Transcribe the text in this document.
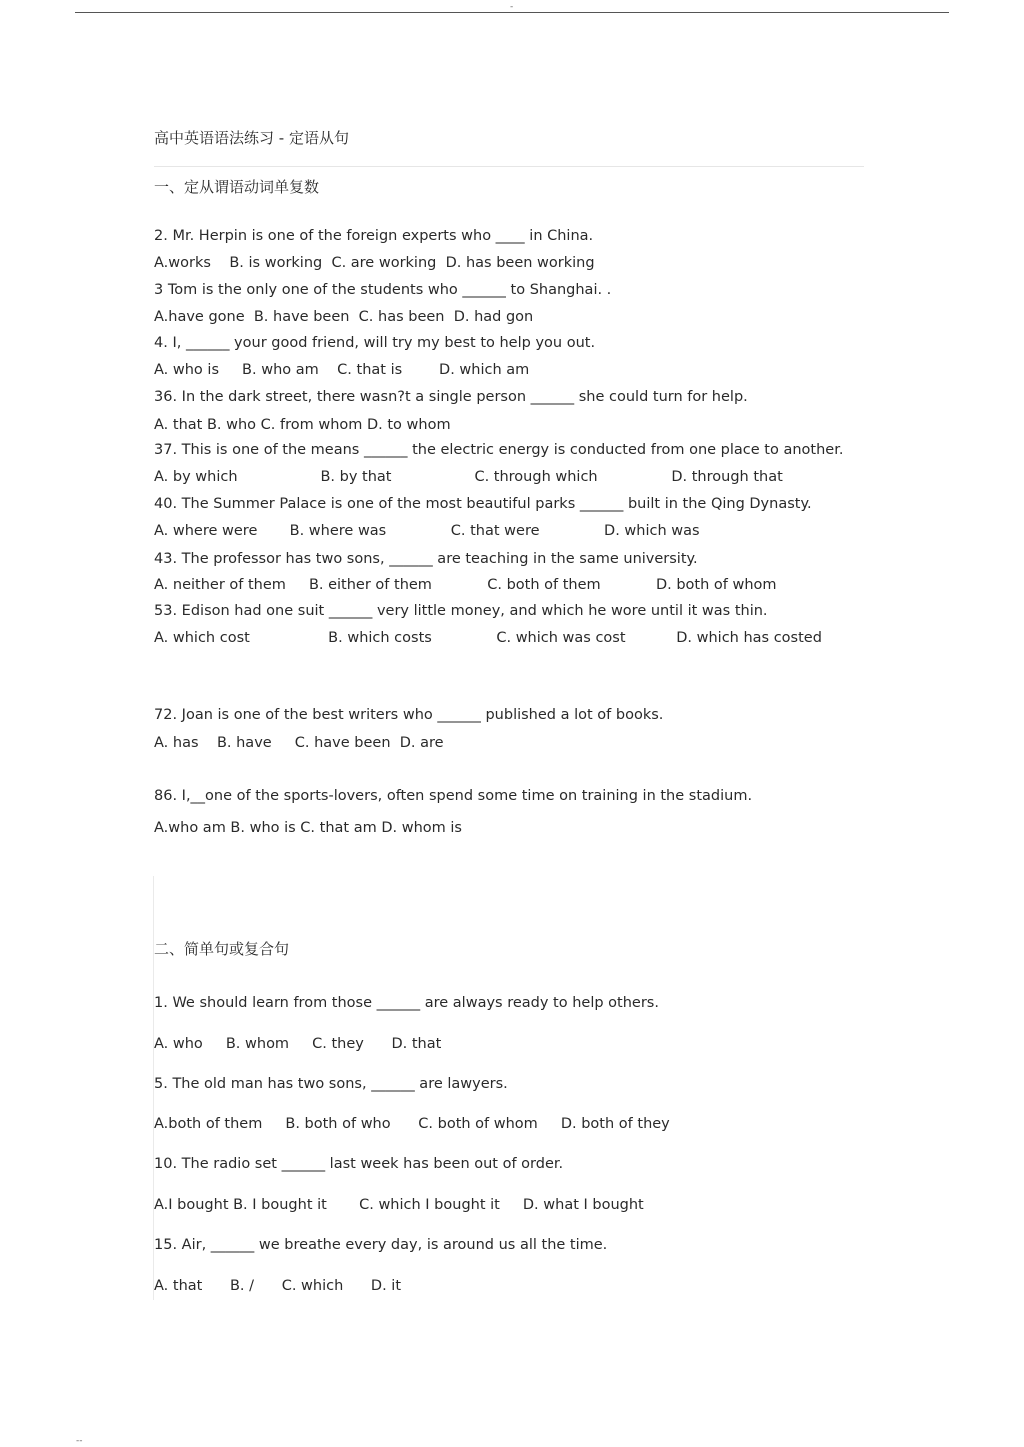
-
高中英语语法练习 - 定语从句
一、定从谓语动词单复数
2. Mr. Herpin is one of the foreign experts who ____ in China.
A.works    B. is working  C. are working  D. has been working
3 Tom is the only one of the students who ______ to Shanghai. .
A.have gone  B. have been  C. has been  D. had gon
4. I, ______ your good friend, will try my best to help you out.
A. who is     B. who am    C. that is        D. which am
36. In the dark street, there wasn?t a single person ______ she could turn for help.
A. that B. who C. from whom D. to whom
37. This is one of the means ______ the electric energy is conducted from one place to another.
A. by which                  B. by that                  C. through which                D. through that
40. The Summer Palace is one of the most beautiful parks ______ built in the Qing Dynasty.
A. where were       B. where was              C. that were              D. which was
43. The professor has two sons, ______ are teaching in the same university.
A. neither of them     B. either of them            C. both of them            D. both of whom
53. Edison had one suit ______ very little money, and which he wore until it was thin.
A. which cost                 B. which costs              C. which was cost           D. which has costed
72. Joan is one of the best writers who ______ published a lot of books.
A. has    B. have     C. have been  D. are
86. I,__one of the sports-lovers, often spend some time on training in the stadium.
A.who am B. who is C. that am D. whom is
二、简单句或复合句
1. We should learn from those ______ are always ready to help others.
A. who     B. whom     C. they      D. that
5. The old man has two sons, ______ are lawyers.
A.both of them     B. both of who      C. both of whom     D. both of they
10. The radio set ______ last week has been out of order.
A.I bought B. I bought it       C. which I bought it     D. what I bought
15. Air, ______ we breathe every day, is around us all the time.
A. that      B. /      C. which      D. it
--
